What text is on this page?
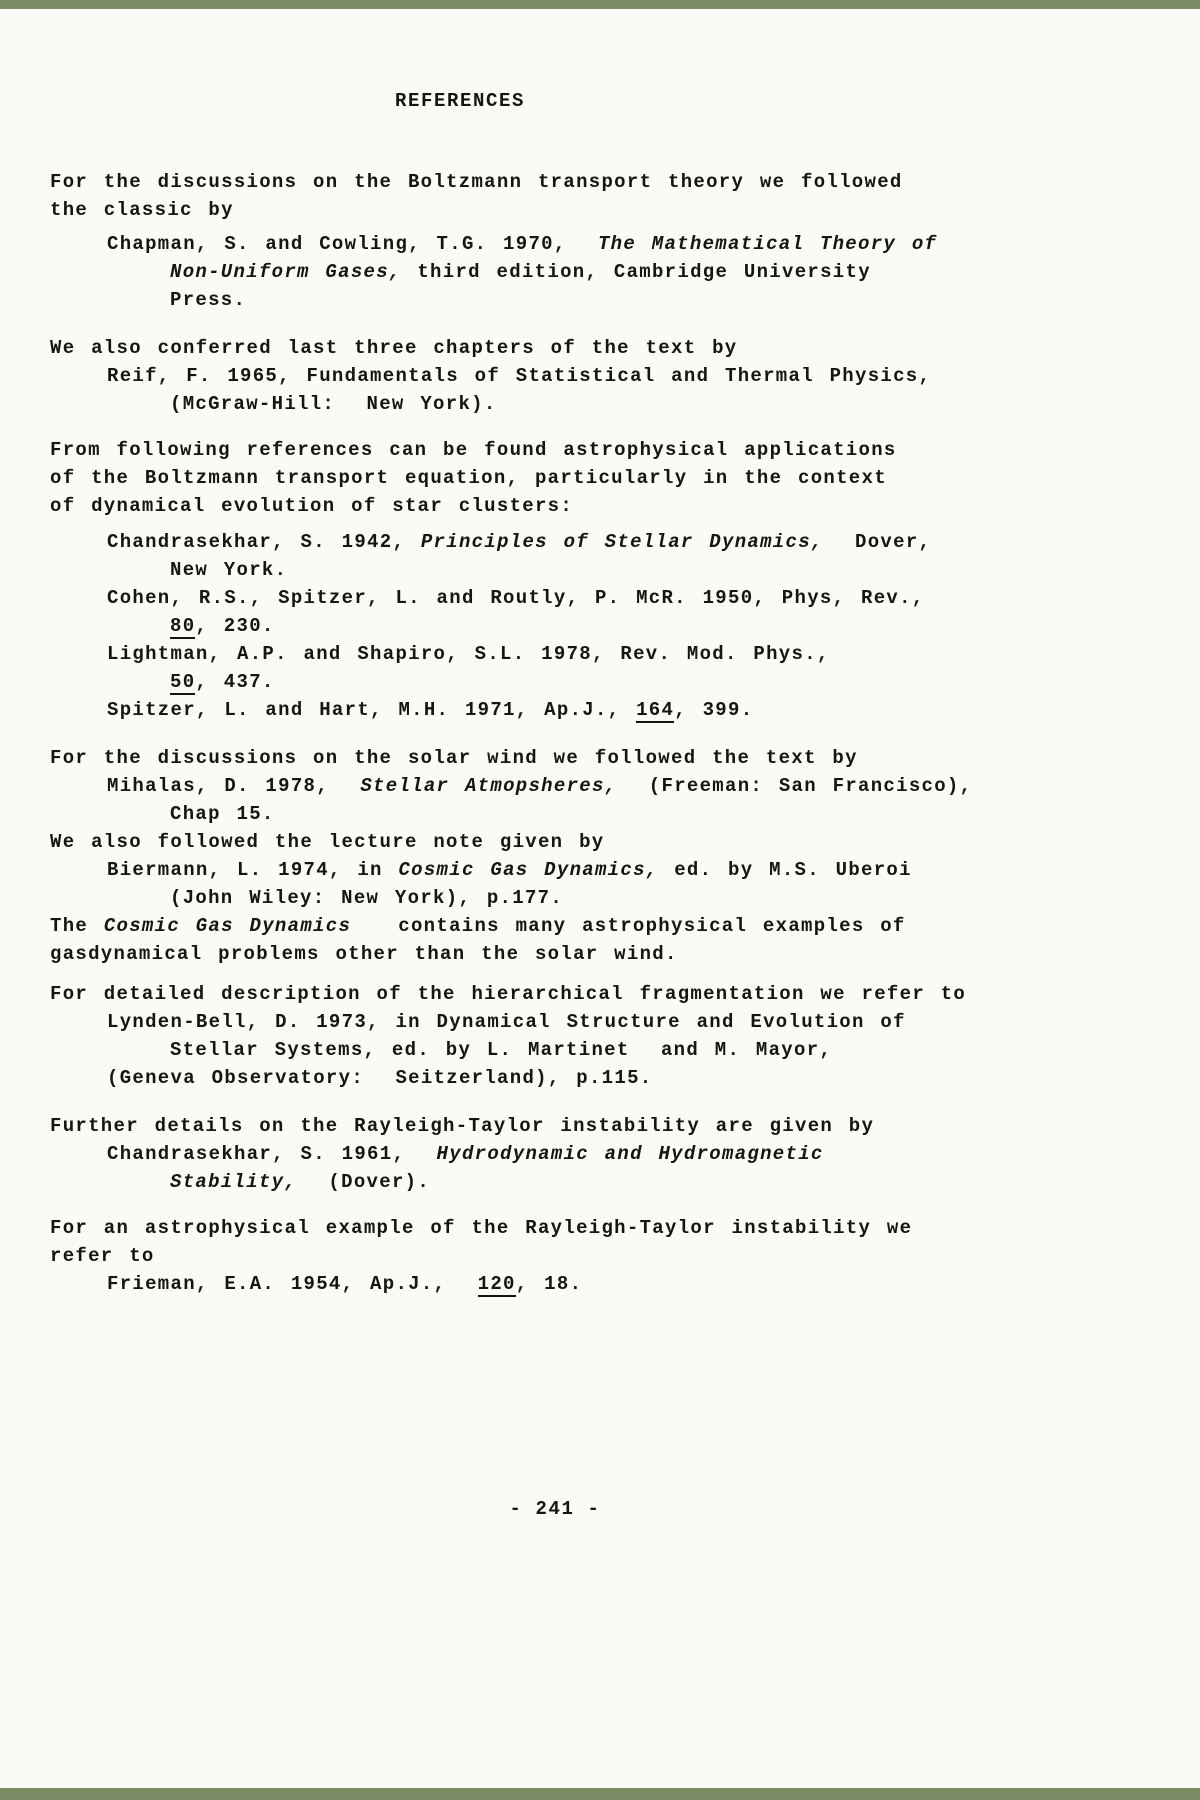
REFERENCES
For the discussions on the Boltzmann transport theory we followed
the classic by
Chapman, S. and Cowling, T.G. 1970,  The Mathematical Theory of
Non-Uniform Gases, third edition, Cambridge University
Press.
We also conferred last three chapters of the text by
Reif, F. 1965, Fundamentals of Statistical and Thermal Physics,
(McGraw-Hill:  New York).
From following references can be found astrophysical applications
of the Boltzmann transport equation, particularly in the context
of dynamical evolution of star clusters:
Chandrasekhar, S. 1942, Principles of Stellar Dynamics,  Dover,
New York.
Cohen, R.S., Spitzer, L. and Routly, P. McR. 1950, Phys, Rev.,
80, 230.
Lightman, A.P. and Shapiro, S.L. 1978, Rev. Mod. Phys.,
50, 437.
Spitzer, L. and Hart, M.H. 1971, Ap.J., 164, 399.
For the discussions on the solar wind we followed the text by
Mihalas, D. 1978,  Stellar Atmopsheres,  (Freeman: San Francisco),
Chap 15.
We also followed the lecture note given by
Biermann, L. 1974, in Cosmic Gas Dynamics, ed. by M.S. Uberoi
(John Wiley: New York), p.177.
The Cosmic Gas Dynamics   contains many astrophysical examples of
gasdynamical problems other than the solar wind.
For detailed description of the hierarchical fragmentation we refer to
Lynden-Bell, D. 1973, in Dynamical Structure and Evolution of
Stellar Systems, ed. by L. Martinet  and M. Mayor,
(Geneva Observatory:  Seitzerland), p.115.
Further details on the Rayleigh-Taylor instability are given by
Chandrasekhar, S. 1961,  Hydrodynamic and Hydromagnetic
Stability,  (Dover).
For an astrophysical example of the Rayleigh-Taylor instability we
refer to
Frieman, E.A. 1954, Ap.J.,  120, 18.
- 241 -
